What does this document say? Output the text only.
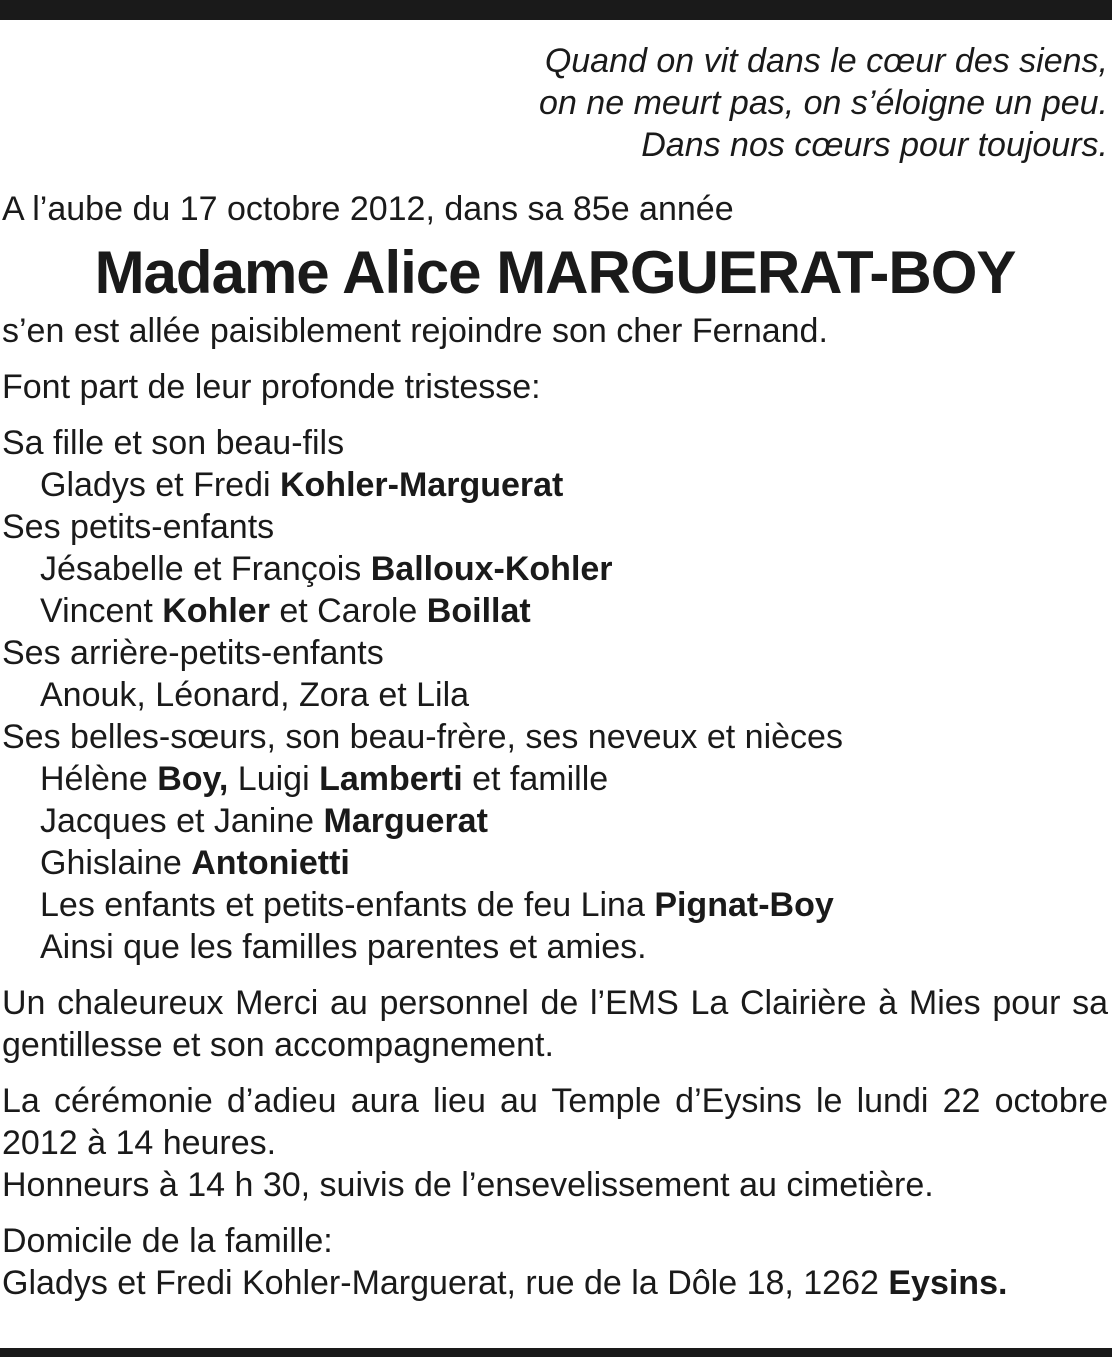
Quand on vit dans le cœur des siens,
on ne meurt pas, on s’éloigne un peu.
Dans nos cœurs pour toujours.

A l’aube du 17 octobre 2012, dans sa 85e année

Madame Alice MARGUERAT-BOY

s’en est allée paisiblement rejoindre son cher Fernand.

Font part de leur profonde tristesse:

Sa fille et son beau-fils

Gladys et Fredi Kohler-Marguerat

Ses petits-enfants

Jésabelle et François Balloux-Kohler

Vincent Kohler et Carole Boillat

Ses arrière-petits-enfants

Anouk, Léonard, Zora et Lila

Ses belles-sœurs, son beau-frère, ses neveux et nièces

Hélène Boy, Luigi Lamberti et famille

Jacques et Janine Marguerat

Ghislaine Antonietti

Les enfants et petits-enfants de feu Lina Pignat-Boy

Ainsi que les familles parentes et amies.

Un chaleureux Merci au personnel de l’EMS La Clairière à Mies pour sa gentillesse et son accompagnement.

La cérémonie d’adieu aura lieu au Temple d’Eysins le lundi 22 octobre 2012 à 14 heures.

Honneurs à 14 h 30, suivis de l’ensevelissement au cimetière.

Domicile de la famille:

Gladys et Fredi Kohler-Marguerat, rue de la Dôle 18, 1262 Eysins.
